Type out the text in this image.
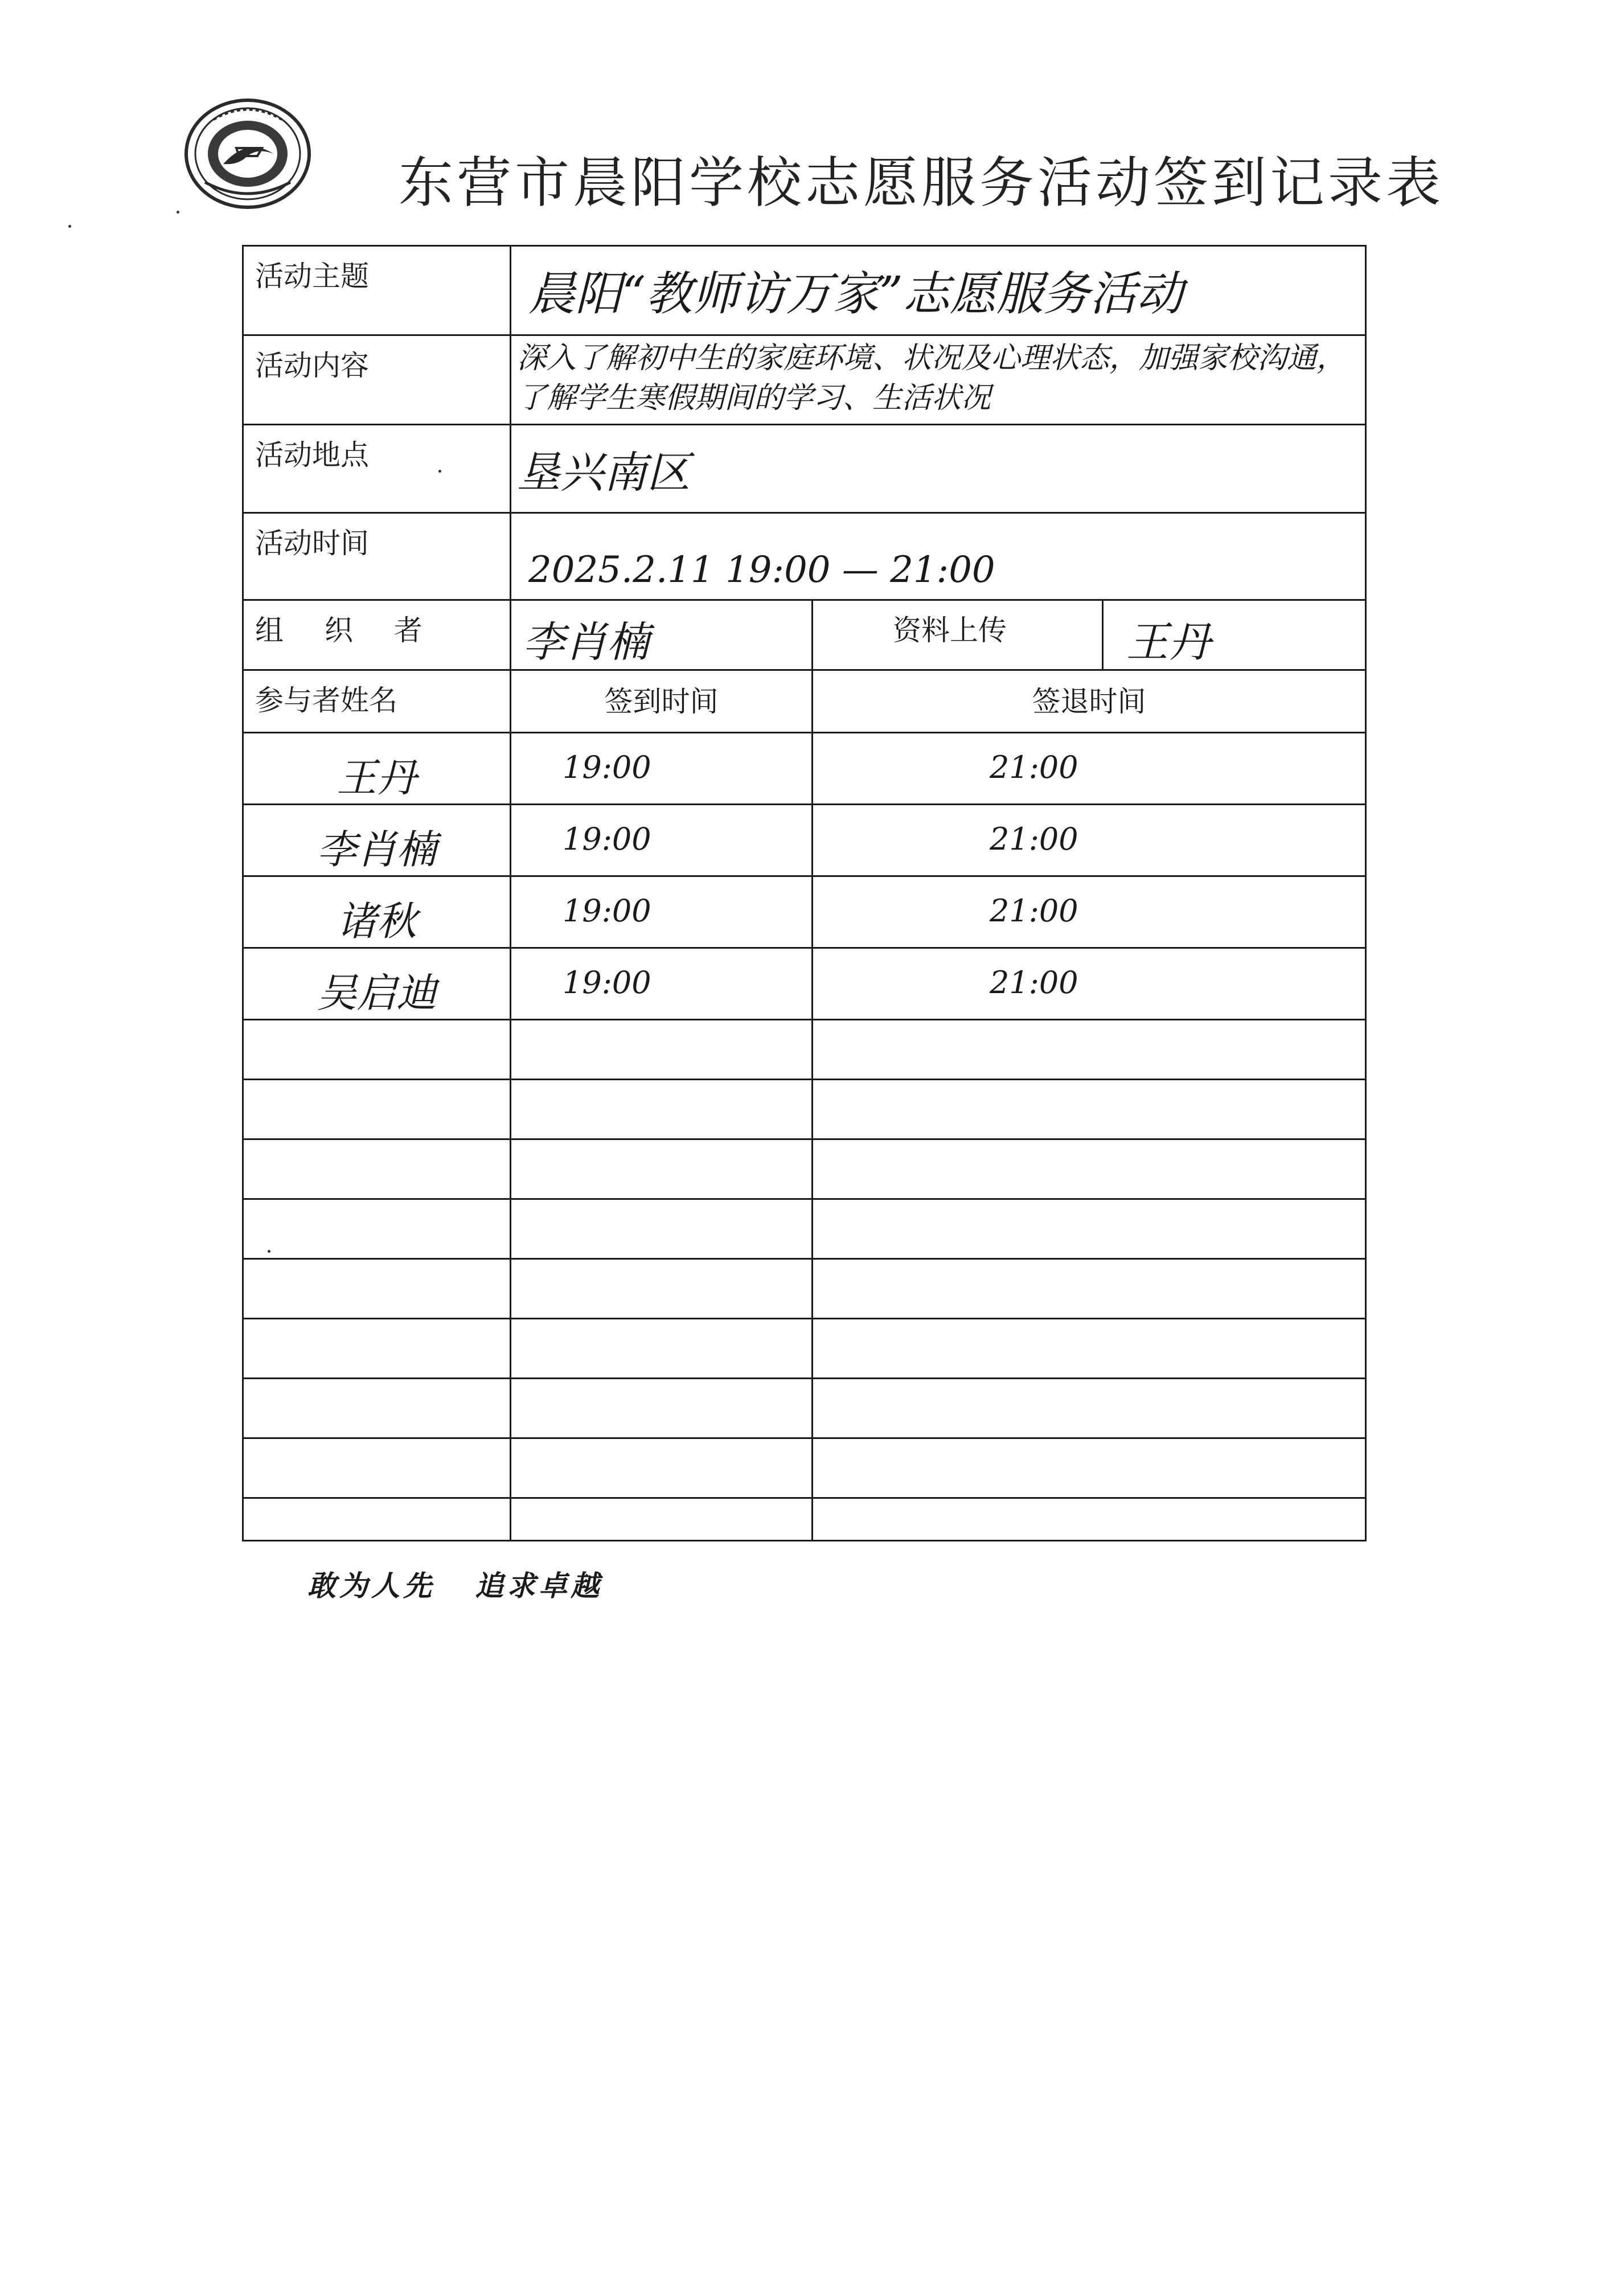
东营市晨阳学校志愿服务活动签到记录表
活动主题	晨阳“教师访万家”志愿服务活动		

活动内容	深入了解初中生的家庭环境、状况及心理状态，加强家校沟通，了解学生寒假期间的学习、生活状况		

活动地点	垦兴南区		

活动时间	2025.2.11 19:00 — 21:00		

组 织 者	李肖楠	资料上传	王丹

参与者姓名	签到时间	签退时间	

王丹	19:00	21:00	

李肖楠	19:00	21:00	

诸秋	19:00	21:00	

吴启迪	19:00	21:00	

敢为人先   追求卓越
